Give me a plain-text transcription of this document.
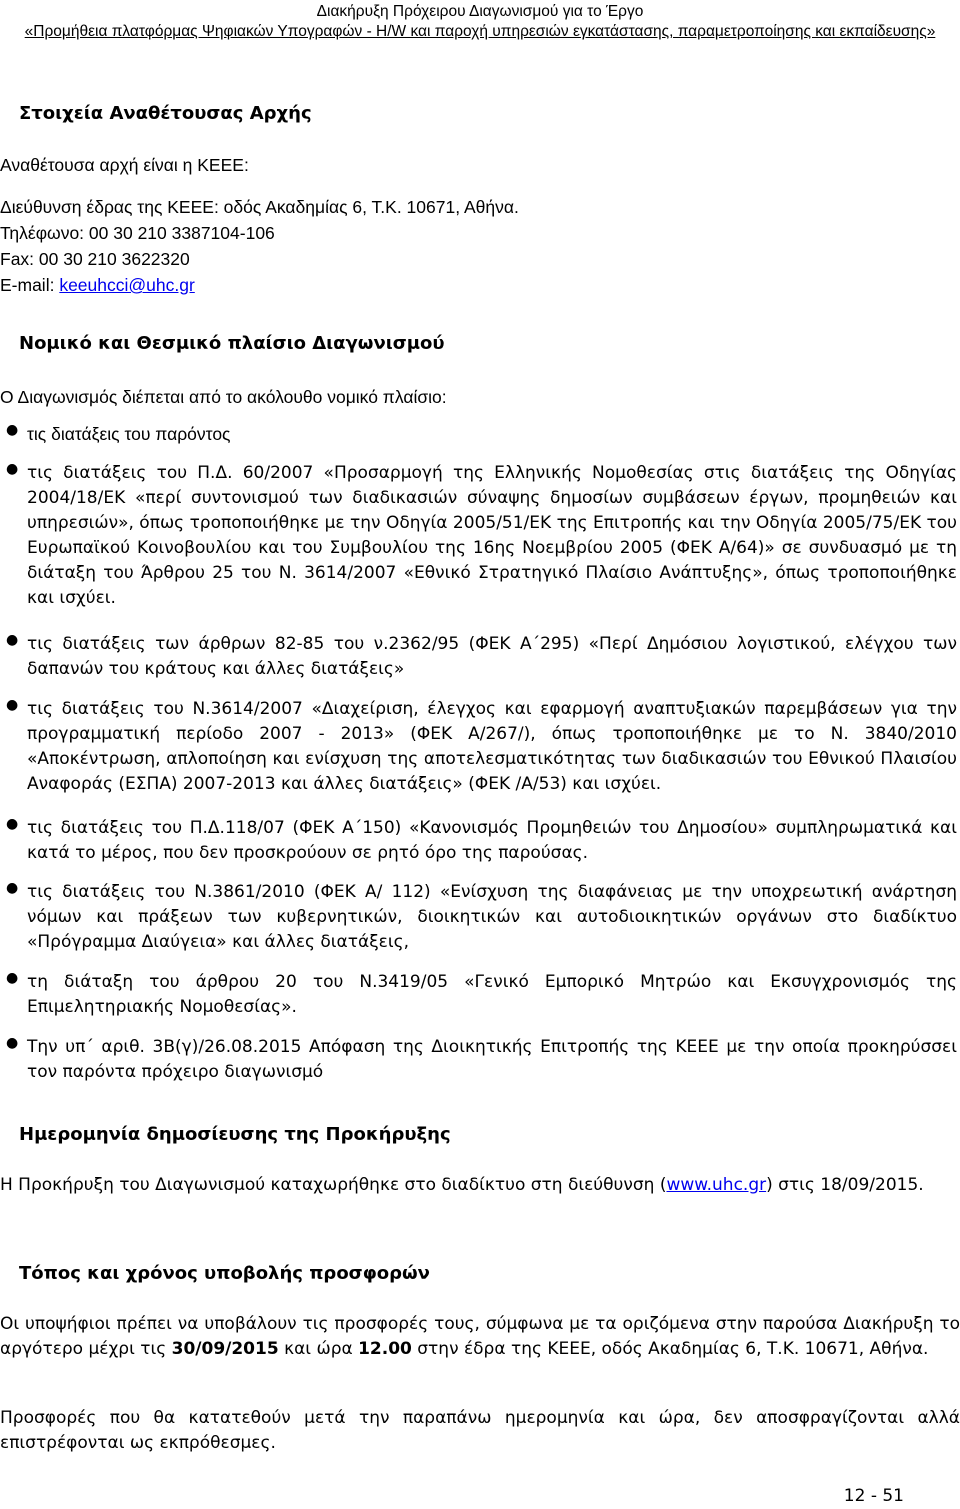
Διακήρυξη Πρόχειρου Διαγωνισμού για το Έργο
«Προμήθεια πλατφόρμας Ψηφιακών Υπογραφών - H/W και παροχή υπηρεσιών εγκατάστασης, παραμετροποίησης και εκπαίδευσης»
Στοιχεία Αναθέτουσας Αρχής
Αναθέτουσα αρχή είναι η ΚΕΕΕ:
Διεύθυνση έδρας της ΚΕΕΕ: οδός Ακαδημίας 6, Τ.Κ. 10671, Αθήνα.
Τηλέφωνο: 00 30 210 3387104-106
Fax: 00 30 210 3622320
E-mail: keeuhcci@uhc.gr
Νομικό και Θεσμικό πλαίσιο Διαγωνισμού
Ο Διαγωνισμός διέπεται από το ακόλουθο νομικό πλαίσιο:
● τις διατάξεις του παρόντος
● τις διατάξεις του Π.Δ. 60/2007 «Προσαρμογή της Ελληνικής Νομοθεσίας στις διατάξεις της Οδηγίας 2004/18/ΕΚ «περί συντονισμού των διαδικασιών σύναψης δημοσίων συμβάσεων έργων, προμηθειών και υπηρεσιών», όπως τροποποιήθηκε με την Οδηγία 2005/51/ΕΚ της Επιτροπής και την Οδηγία 2005/75/ΕΚ του Ευρωπαϊκού Κοινοβουλίου και του Συμβουλίου της 16ης Νοεμβρίου 2005 (ΦΕΚ Α/64)» σε συνδυασμό με τη διάταξη του Άρθρου 25 του Ν. 3614/2007 «Εθνικό Στρατηγικό Πλαίσιο Ανάπτυξης», όπως τροποποιήθηκε και ισχύει.
● τις διατάξεις των άρθρων 82-85 του ν.2362/95 (ΦΕΚ Α΄295) «Περί Δημόσιου λογιστικού, ελέγχου των δαπανών του κράτους και άλλες διατάξεις»
● τις διατάξεις του Ν.3614/2007 «Διαχείριση, έλεγχος και εφαρμογή αναπτυξιακών παρεμβάσεων για την προγραμματική περίοδο 2007 - 2013» (ΦΕΚ Α/267/), όπως τροποποιήθηκε με το Ν. 3840/2010 «Αποκέντρωση, απλοποίηση και ενίσχυση της αποτελεσματικότητας των διαδικασιών του Εθνικού Πλαισίου Αναφοράς (ΕΣΠΑ) 2007-2013 και άλλες διατάξεις» (ΦΕΚ /Α/53) και ισχύει.
● τις διατάξεις του Π.Δ.118/07 (ΦΕΚ Α΄150) «Κανονισμός Προμηθειών του Δημοσίου» συμπληρωματικά και κατά το μέρος, που δεν προσκρούουν σε ρητό όρο της παρούσας.
● τις διατάξεις του Ν.3861/2010 (ΦΕΚ Α/ 112) «Ενίσχυση της διαφάνειας με την υποχρεωτική ανάρτηση νόμων και πράξεων των κυβερνητικών, διοικητικών και αυτοδιοικητικών οργάνων στο διαδίκτυο «Πρόγραμμα Διαύγεια» και άλλες διατάξεις,
● τη διάταξη του άρθρου 20 του Ν.3419/05 «Γενικό Εμπορικό Μητρώο και Εκσυγχρονισμός της Επιμελητηριακής Νομοθεσίας».
● Την υπ΄ αριθ. 3Β(γ)/26.08.2015 Απόφαση της Διοικητικής Επιτροπής της ΚΕΕΕ με την οποία προκηρύσσει τον παρόντα πρόχειρο διαγωνισμό
Ημερομηνία δημοσίευσης της Προκήρυξης
Η Προκήρυξη του Διαγωνισμού καταχωρήθηκε στο διαδίκτυο στη διεύθυνση (www.uhc.gr) στις 18/09/2015.
Τόπος και χρόνος υποβολής προσφορών
Οι υποψήφιοι πρέπει να υποβάλουν τις προσφορές τους, σύμφωνα με τα οριζόμενα στην παρούσα Διακήρυξη το αργότερο μέχρι τις 30/09/2015 και ώρα 12.00 στην έδρα της ΚΕΕΕ, οδός Ακαδημίας 6, Τ.Κ. 10671, Αθήνα.
Προσφορές που θα κατατεθούν μετά την παραπάνω ημερομηνία και ώρα, δεν αποσφραγίζονται αλλά επιστρέφονται ως εκπρόθεσμες.
12 - 51
